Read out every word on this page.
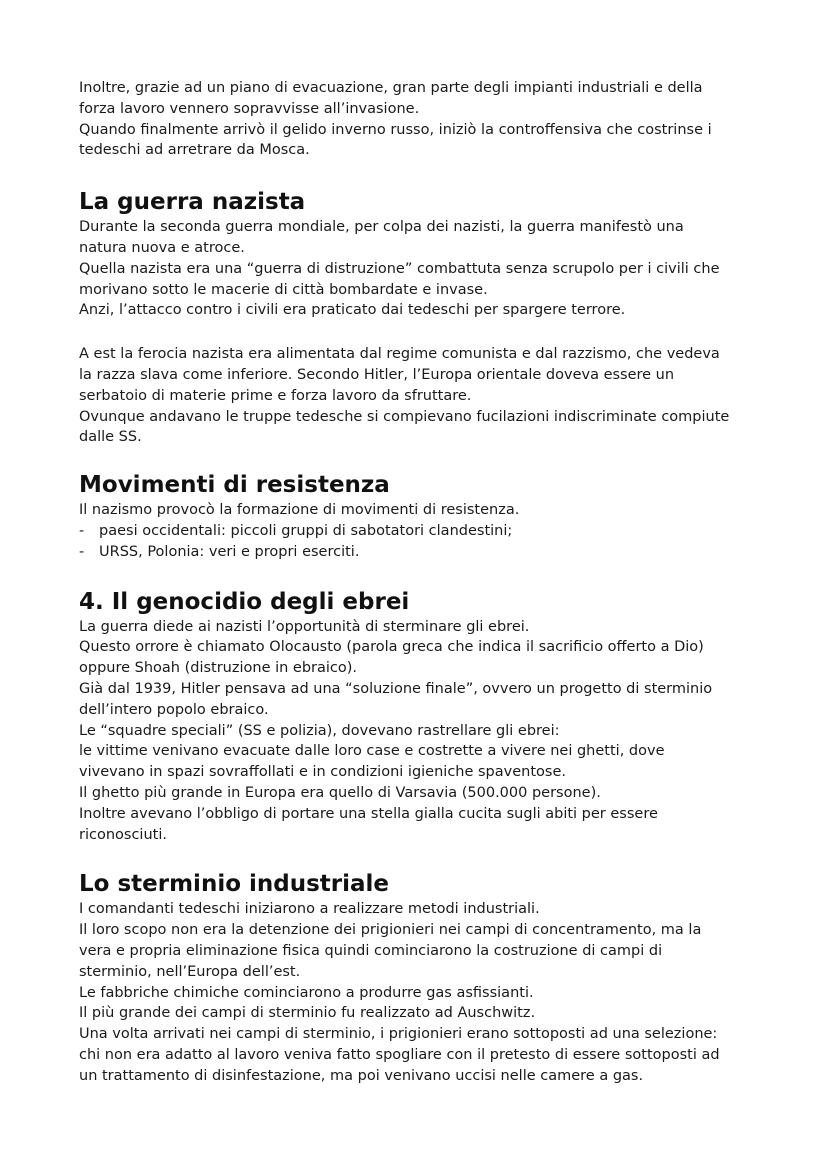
Inoltre, grazie ad un piano di evacuazione, gran parte degli impianti industriali e della

forza lavoro vennero sopravvisse all’invasione.

Quando finalmente arrivò il gelido inverno russo, iniziò la controffensiva che costrinse i

tedeschi ad arretrare da Mosca.

La guerra nazista

Durante la seconda guerra mondiale, per colpa dei nazisti, la guerra manifestò una

natura nuova e atroce.

Quella nazista era una “guerra di distruzione” combattuta senza scrupolo per i civili che

morivano sotto le macerie di città bombardate e invase.

Anzi, l’attacco contro i civili era praticato dai tedeschi per spargere terrore.

A est la ferocia nazista era alimentata dal regime comunista e dal razzismo, che vedeva

la razza slava come inferiore. Secondo Hitler, l’Europa orientale doveva essere un

serbatoio di materie prime e forza lavoro da sfruttare.

Ovunque andavano le truppe tedesche si compievano fucilazioni indiscriminate compiute

dalle SS.

Movimenti di resistenza

Il nazismo provocò la formazione di movimenti di resistenza.

-	paesi occidentali: piccoli gruppi di sabotatori clandestini;

-	URSS, Polonia: veri e propri eserciti.

4. Il genocidio degli ebrei

La guerra diede ai nazisti l’opportunità di sterminare gli ebrei.

Questo orrore è chiamato Olocausto (parola greca che indica il sacrificio offerto a Dio)

oppure Shoah (distruzione in ebraico).

Già dal 1939, Hitler pensava ad una “soluzione finale”, ovvero un progetto di sterminio

dell’intero popolo ebraico.

Le “squadre speciali” (SS e polizia), dovevano rastrellare gli ebrei:

le vittime venivano evacuate dalle loro case e costrette a vivere nei ghetti, dove

vivevano in spazi sovraffollati e in condizioni igieniche spaventose.

Il ghetto più grande in Europa era quello di Varsavia (500.000 persone).

Inoltre avevano l’obbligo di portare una stella gialla cucita sugli abiti per essere

riconosciuti.

Lo sterminio industriale

I comandanti tedeschi iniziarono a realizzare metodi industriali.

Il loro scopo non era la detenzione dei prigionieri nei campi di concentramento, ma la

vera e propria eliminazione fisica quindi cominciarono la costruzione di campi di

sterminio, nell’Europa dell’est.

Le fabbriche chimiche cominciarono a produrre gas asfissianti.

Il più grande dei campi di sterminio fu realizzato ad Auschwitz.

Una volta arrivati nei campi di sterminio, i prigionieri erano sottoposti ad una selezione:

chi non era adatto al lavoro veniva fatto spogliare con il pretesto di essere sottoposti ad

un trattamento di disinfestazione, ma poi venivano uccisi nelle camere a gas.
